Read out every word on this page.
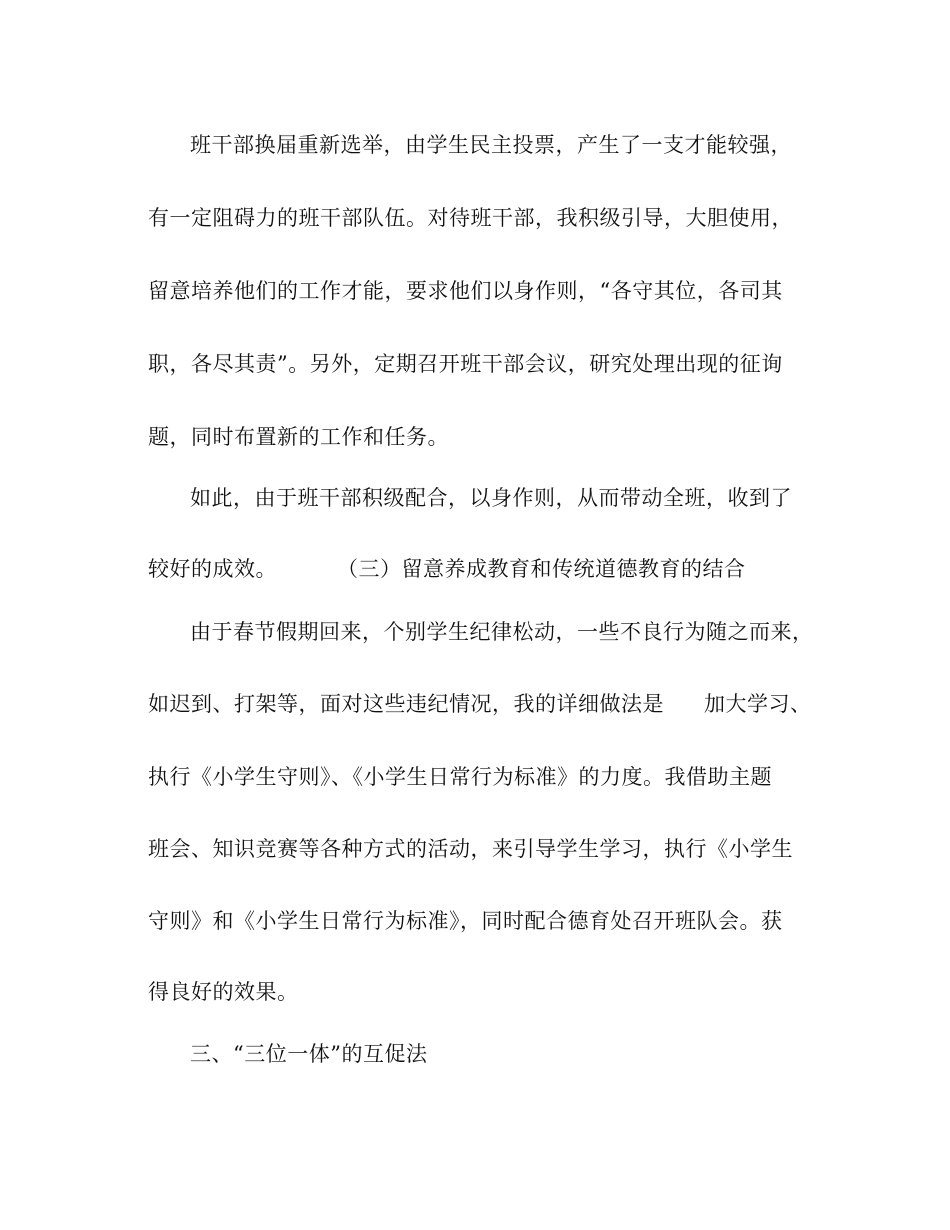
班干部换届重新选举，由学生民主投票，产生了一支才能较强，
有一定阻碍力的班干部队伍。对待班干部，我积级引导，大胆使用，
留意培养他们的工作才能，要求他们以身作则，“各守其位，各司其
职，各尽其责”。另外，定期召开班干部会议，研究处理出现的征询
题，同时布置新的工作和任务。
如此，由于班干部积级配合，以身作则，从而带动全班，收到了
较好的成效。	（三）留意养成教育和传统道德教育的结合
由于春节假期回来，个别学生纪律松动，一些不良行为随之而来，
如迟到、打架等，面对这些违纪情况，我的详细做法是 加大学习、
执行《小学生守则》、《小学生日常行为标准》的力度。我借助主题
班会、知识竞赛等各种方式的活动，来引导学生学习，执行《小学生
守则》和《小学生日常行为标准》，同时配合德育处召开班队会。获
得良好的效果。
三、“三位一体”的互促法
